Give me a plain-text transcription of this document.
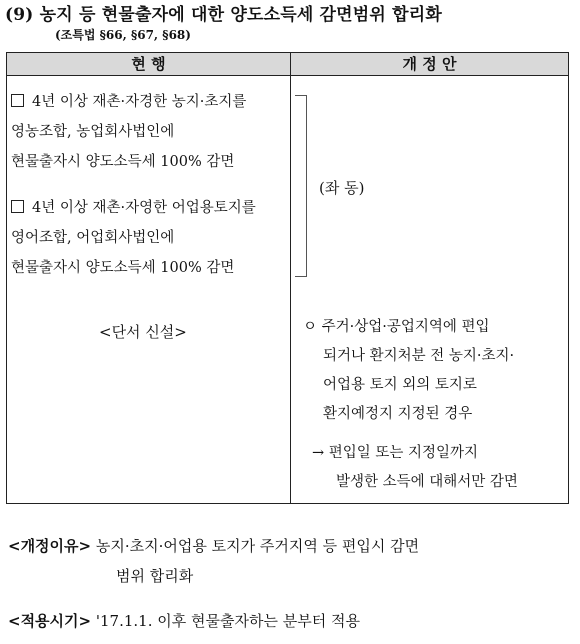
(9) 농지 등 현물출자에 대한 양도소득세 감면범위 합리화
(조특법 §66, §67, §68)
현 행	개 정 안
4년 이상 재촌·자경한 농지·초지를
영농조합, 농업회사법인에
현물출자시 양도소득세 100% 감면
4년 이상 재촌·자영한 어업용토지를
영어조합, 어업회사법인에
현물출자시 양도소득세 100% 감면
(좌 동)
<단서 신설>	ㅇ 주거·상업·공업지역에 편입
되거나 환지처분 전 농지·초지·
어업용 토지 외의 토지로
환지예정지 지정된 경우
→ 편입일 또는 지정일까지
발생한 소득에 대해서만 감면
<개정이유> 농지·초지·어업용 토지가 주거지역 등 편입시 감면
범위 합리화
<적용시기> '17.1.1. 이후 현물출자하는 분부터 적용
